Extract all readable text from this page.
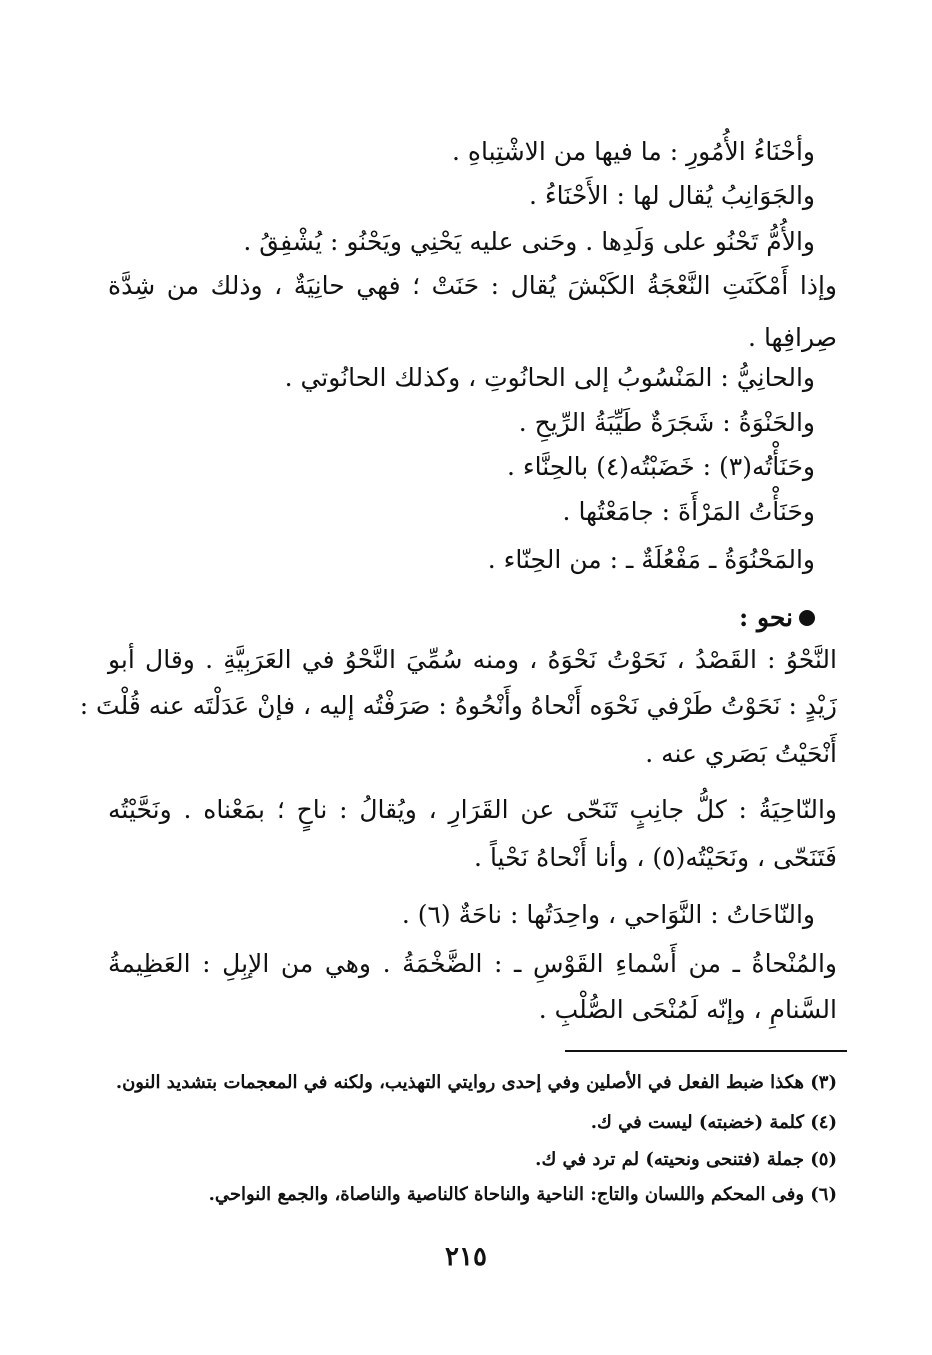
وأحْنَاءُ الأُمُورِ : ما فيها من الاشْتِباهِ .
والجَوَانِبُ يُقال لها : الأَحْنَاءُ .
والأُمُّ تَحْنُو على وَلَدِها . وحَنى عليه يَحْنِي ويَحْنُو : يُشْفِقُ .
وإذا أَمْكَنَتِ النَّعْجَةُ الكَبْشَ يُقال : حَنَتْ ؛ فهي حانِيَةٌ ، وذلك من شِدَّة
صِرافِها .
والحانِيُّ : المَنْسُوبُ إلى الحانُوتِ ، وكذلك الحانُوتي .
والحَنْوَةُ : شَجَرَةٌ طَيِّبَةُ الرِّيحِ .
وحَنَأْتُه(٣) : خَضَبْتُه(٤) بالحِنَّاء .
وحَنَأْتُ المَرْأَةَ : جامَعْتُها .
والمَحْنُوَةُ ـ مَفْعُلَةٌ ـ : من الحِنّاء .
نحو :
النَّحْوُ : القَصْدُ ، نَحَوْتُ نَحْوَهُ ، ومنه سُمِّيَ النَّحْوُ في العَرَبِيَّةِ . وقال أبو
زَيْدٍ : نَحَوْتُ طَرْفي نَحْوَه أَنْحاهُ وأَنْحُوهُ : صَرَفْتُه إليه ، فإنْ عَدَلْتَه عنه قُلْتَ :
أَنْحَيْتُ بَصَري عنه .
والنّاحِيَةُ : كلُّ جانِبٍ تَنَحّى عن القَرَارِ ، ويُقالُ : ناحٍ ؛ بمَعْناه . ونَحَّيْتُه
فَتَنَحّى ، ونَحَيْتُه(٥) ، وأنا أَنْحاهُ نَحْياً .
والنّاحَاتُ : النَّوَاحي ، واحِدَتُها : ناحَةٌ (٦) .
والمُنْحاةُ ـ من أَسْماءِ القَوْسِ ـ : الضَّخْمَةُ . وهي من الإبِلِ : العَظِيمةُ
السَّنامِ ، وإنّه لَمُنْحَى الصُّلْبِ .
(٣) هكذا ضبط الفعل في الأصلين وفي إحدى روايتي التهذيب، ولكنه في المعجمات بتشديد النون.
(٤) كلمة (خضبته) ليست في ك.
(٥) جملة (فتنحى ونحيته) لم ترد في ك.
(٦) وفى المحكم واللسان والتاج: الناحية والناحاة كالناصية والناصاة، والجمع النواحي.
٢١٥
